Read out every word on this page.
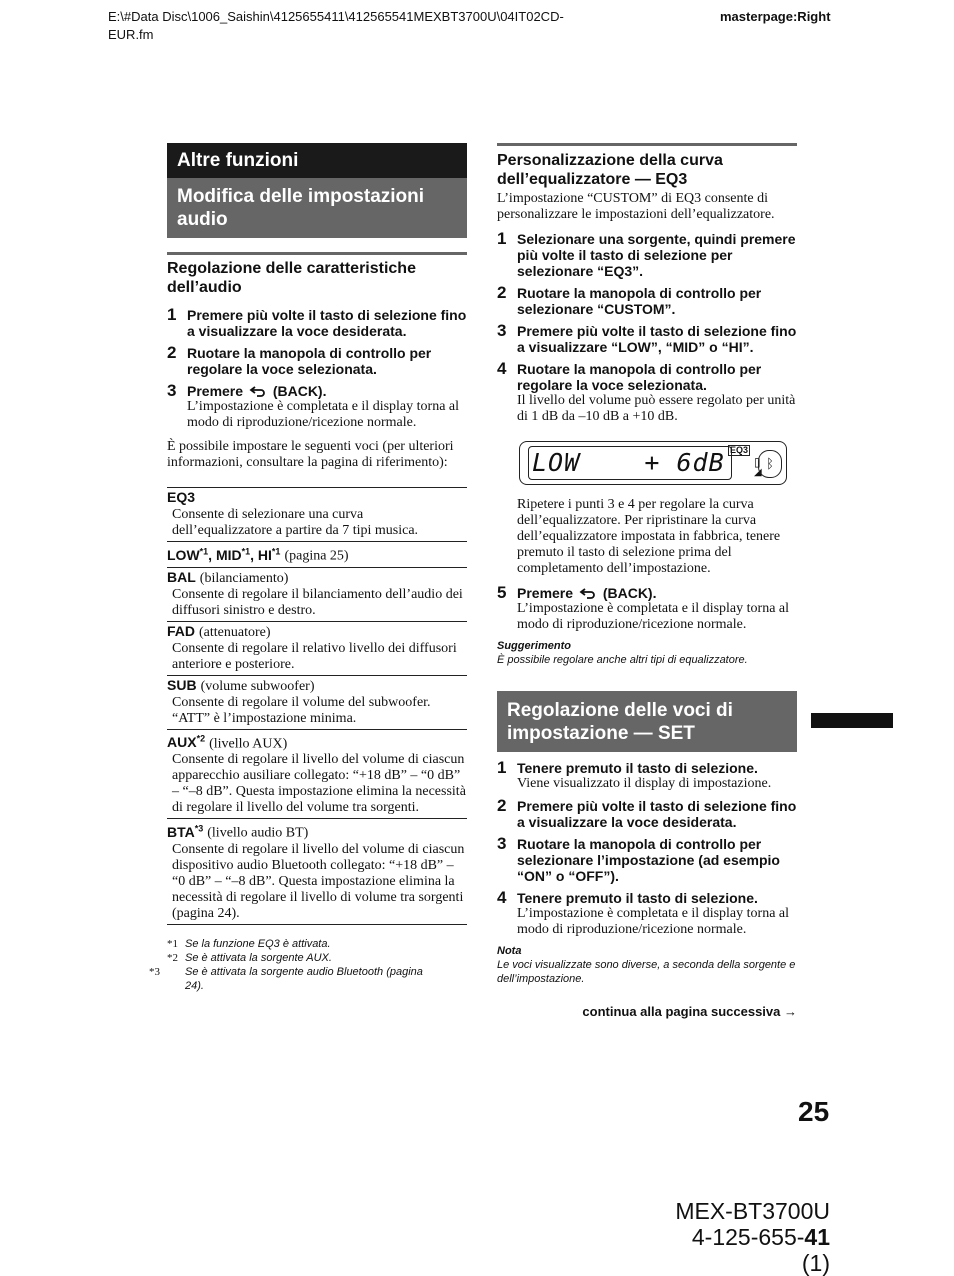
E:\#Data Disc\1006_Saishin\4125655411\412565541MEXBT3700U\04IT02CD-
EUR.fm
masterpage:Right
Altre funzioni
Modifica delle impostazioni audio
Regolazione delle caratteristiche dell’audio
1 Premere più volte il tasto di selezione fino a visualizzare la voce desiderata.
2 Ruotare la manopola di controllo per regolare la voce selezionata.
3 Premere (BACK).
L’impostazione è completata e il display torna al modo di riproduzione/ricezione normale.
È possibile impostare le seguenti voci (per ulteriori informazioni, consultare la pagina di riferimento):
EQ3
Consente di selezionare una curva dell’equalizzatore a partire da 7 tipi musica.
LOW$^{*1}$, MID$^{*1}$, HI$^{*1}$ (pagina 25)
BAL (bilanciamento)
Consente di regolare il bilanciamento dell’audio dei diffusori sinistro e destro.
FAD (attenuatore)
Consente di regolare il relativo livello dei diffusori anteriore e posteriore.
SUB (volume subwoofer)
Consente di regolare il volume del subwoofer. “ATT” è l’impostazione minima.
AUX$^{*2}$ (livello AUX)
Consente di regolare il livello del volume di ciascun apparecchio ausiliare collegato: “+18 dB” – “0 dB” – “–8 dB”. Questa impostazione elimina la necessità di regolare il livello del volume tra sorgenti.
BTA$^{*3}$ (livello audio BT)
Consente di regolare il livello del volume di ciascun dispositivo audio Bluetooth collegato: “+18 dB” – “0 dB” – “–8 dB”. Questa impostazione elimina la necessità di regolare il livello di volume tra sorgenti (pagina 24).
*1 Se la funzione EQ3 è attivata.
*2 Se è attivata la sorgente AUX.
*3 Se è attivata la sorgente audio Bluetooth (pagina 24).
Personalizzazione della curva dell’equalizzatore — EQ3
L’impostazione “CUSTOM” di EQ3 consente di personalizzare le impostazioni dell’equalizzatore.
1 Selezionare una sorgente, quindi premere più volte il tasto di selezione per selezionare “EQ3”.
2 Ruotare la manopola di controllo per selezionare “CUSTOM”.
3 Premere più volte il tasto di selezione fino a visualizzare “LOW”, “MID” o “HI”.
4 Ruotare la manopola di controllo per regolare la voce selezionata.
Il livello del volume può essere regolato per unità di 1 dB da –10 dB a +10 dB.
LOW    + 6dB EQ3
▯
◢
ᛒ
Ripetere i punti 3 e 4 per regolare la curva dell’equalizzatore. Per ripristinare la curva dell’equalizzatore impostata in fabbrica, tenere premuto il tasto di selezione prima del completamento dell’impostazione.
5 Premere (BACK).
L’impostazione è completata e il display torna al modo di riproduzione/ricezione normale.
Suggerimento
È possibile regolare anche altri tipi di equalizzatore.
Regolazione delle voci di impostazione — SET
1 Tenere premuto il tasto di selezione.
Viene visualizzato il display di impostazione.
2 Premere più volte il tasto di selezione fino a visualizzare la voce desiderata.
3 Ruotare la manopola di controllo per selezionare l’impostazione (ad esempio “ON” o “OFF”).
4 Tenere premuto il tasto di selezione.
L’impostazione è completata e il display torna al modo di riproduzione/ricezione normale.
Nota
Le voci visualizzate sono diverse, a seconda della sorgente e dell’impostazione.
continua alla pagina successiva →
25
MEX-BT3700U
4-125-655-41 (1)
